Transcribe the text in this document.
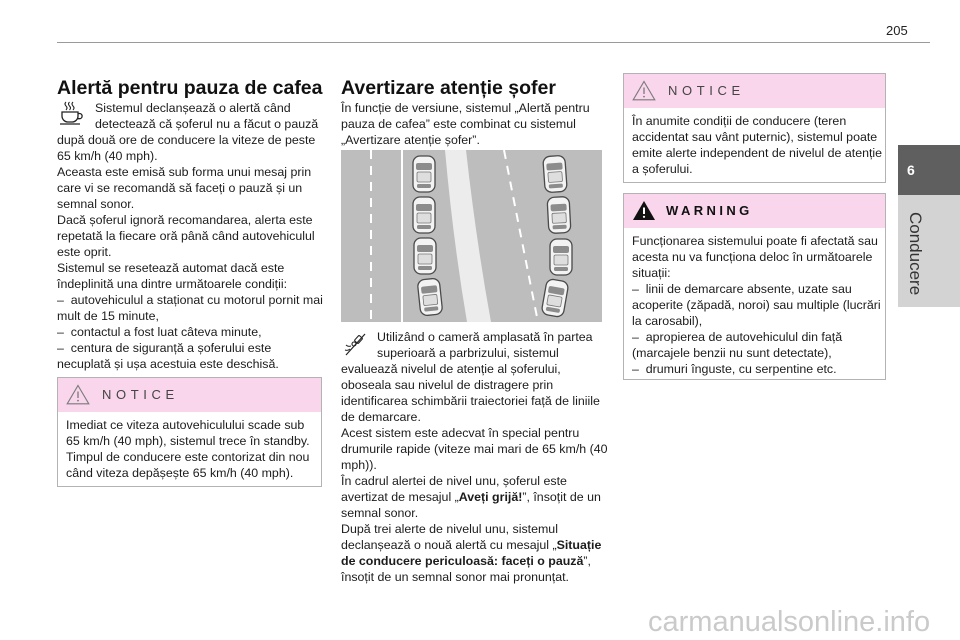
205
6
Conducere
Alertă pentru pauza de cafea
Sistemul declanșează o alertă când
detectează că șoferul nu a făcut o pauză
după două ore de conducere la viteze de peste
65 km/h (40 mph).
Aceasta este emisă sub forma unui mesaj prin
care vi se recomandă să faceți o pauză și un
semnal sonor.
Dacă șoferul ignoră recomandarea, alerta este
repetată la fiecare oră până când autovehiculul
este oprit.
Sistemul se resetează automat dacă este
îndeplinită una dintre următoarele condiții:
–  autovehiculul a staționat cu motorul pornit mai
mult de 15 minute,
–  contactul a fost luat câteva minute,
–  centura de siguranță a șoferului este
necuplată și ușa acestuia este deschisă.
NOTICE
Imediat ce viteza autovehiculului scade sub
65 km/h (40 mph), sistemul trece în standby.
Timpul de conducere este contorizat din nou
când viteza depășește 65 km/h (40 mph).
Avertizare atenție șofer
În funcție de versiune, sistemul „Alertă pentru
pauza de cafea” este combinat cu sistemul
„Avertizare atenție șofer”.
Utilizând o cameră amplasată în partea
superioară a parbrizului, sistemul
evaluează nivelul de atenție al șoferului,
oboseala sau nivelul de distragere prin
identificarea schimbării traiectoriei față de liniile
de demarcare.
Acest sistem este adecvat în special pentru
drumurile rapide (viteze mai mari de 65 km/h (40
mph)).
În cadrul alertei de nivel unu, șoferul este
avertizat de mesajul „Aveți grijă!”, însoțit de un
semnal sonor.
După trei alerte de nivelul unu, sistemul
declanșează o nouă alertă cu mesajul „Situație
de conducere periculoasă: faceți o pauză”,
însoțit de un semnal sonor mai pronunțat.
NOTICE
În anumite condiții de conducere (teren
accidentat sau vânt puternic), sistemul poate
emite alerte independent de nivelul de atenție
a șoferului.
WARNING
Funcționarea sistemului poate fi afectată sau
acesta nu va funcționa deloc în următoarele
situații:
–  linii de demarcare absente, uzate sau
acoperite (zăpadă, noroi) sau multiple (lucrări
la carosabil),
–  apropierea de autovehiculul din față
(marcajele benzii nu sunt detectate),
–  drumuri înguste, cu serpentine etc.
carmanualsonline.info
